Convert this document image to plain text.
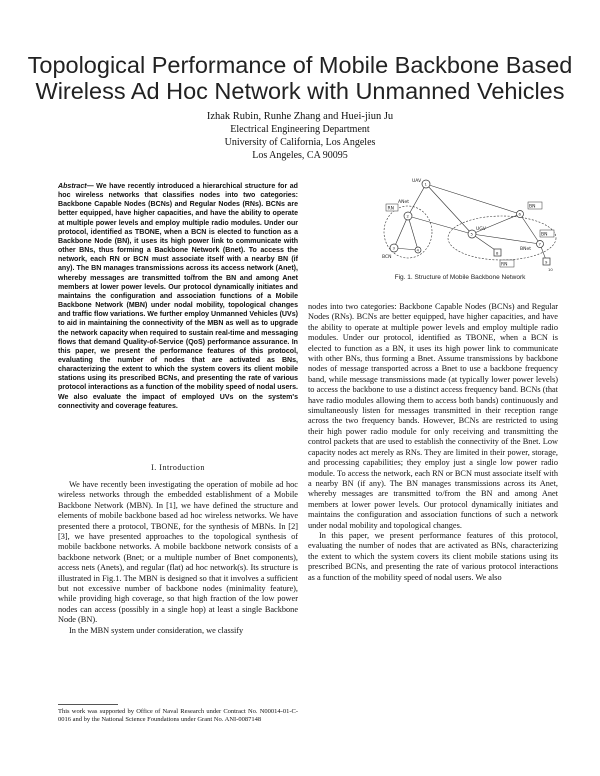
Topological Performance of Mobile Backbone Based
Wireless Ad Hoc Network with Unmanned Vehicles
Izhak Rubin, Runhe Zhang and Huei-jiun Ju
Electrical Engineering Department
University of California, Los Angeles
Los Angeles, CA 90095
Abstract— We have recently introduced a hierarchical structure for ad hoc wireless networks that classifies nodes into two categories: Backbone Capable Nodes (BCNs) and Regular Nodes (RNs). BCNs are better equipped, have higher capacities, and have the ability to operate at multiple power levels and employ multiple radio modules. Under our protocol, identified as TBONE, when a BCN is elected to function as a Backbone Node (BN), it uses its high power link to communicate with other BNs, thus forming a Backbone Network (Bnet). To access the network, each RN or BCN must associate itself with a nearby BN (if any). The BN manages transmissions across its access network (Anet), whereby messages are transmitted to/from the BN and among Anet members at lower power levels. Our protocol dynamically initiates and maintains the configuration and association functions of a Mobile Backbone Network (MBN) under nodal mobility, topological changes and traffic flow variations. We further employ Unmanned Vehicles (UVs) to aid in maintaining the connectivity of the MBN as well as to upgrade the network capacity when required to sustain real-time and messaging flows that demand Quality-of-Service (QoS) performance assurance. In this paper, we present the performance features of this protocol, evaluating the number of nodes that are activated as BNs, characterizing the extent to which the system covers its client mobile stations using its prescribed BCNs, and presenting the rate of various protocol interactions as a function of the mobility speed of nodal users. We also evaluate the impact of employed UVs on the system's connectivity and coverage features.
I. Introduction

We have recently been investigating the operation of mobile ad hoc wireless networks through the embedded establishment of a Mobile Backbone Network (MBN). In [1], we have defined the structure and elements of mobile backbone based ad hoc wireless networks. We have presented there a protocol, TBONE, for the synthesis of MBNs. In [2][3], we have presented approaches to the topological synthesis of mobile backbone networks. A mobile backbone network consists of a backbone network (Bnet; or a multiple number of Bnet components), access nets (Anets), and regular (flat) ad hoc network(s). Its structure is illustrated in Fig.1. The MBN is designed so that it involves a sufficient but not excessive number of backbone nodes (minimality feature), while providing high coverage, so that high fraction of the low power nodes can access (possibly in a single hop) at least a single Backbone Node (BN).

In the MBN system under consideration, we classify

This work was supported by Office of Naval Research under Contract No. N00014-01-C-0016 and by the National Science Foundations under Grant No. ANI-0087148
UAV
ANet
RN	BN
BN
UGV
BCN
BNet
RN
1
2
3	4
5
6
7
8
9
10
Fig. 1. Structure of Mobile Backbone Network

nodes into two categories: Backbone Capable Nodes (BCNs) and Regular Nodes (RNs). BCNs are better equipped, have higher capacities, and have the ability to operate at multiple power levels and employ multiple radio modules. Under our protocol, identified as TBONE, when a BCN is elected to function as a BN, it uses its high power link to communicate with other BNs, thus forming a Bnet. Assume transmissions by backbone nodes of message transported across a Bnet to use a backbone frequency band, while message transmissions made (at typically lower power levels) to access the backbone to use a distinct access frequency band. BCNs (that have radio modules allowing them to access both bands) continuously and simultaneously listen for messages transmitted in their reception range across the two frequency bands. However, BCNs are restricted to using their high power radio module for only receiving and transmitting the control packets that are used to establish the connectivity of the Bnet. Low capacity nodes act merely as RNs. They are limited in their power, storage, and processing capabilities; they employ just a single low power radio module. To access the network, each RN or BCN must associate itself with a nearby BN (if any). The BN manages transmissions across its Anet, whereby messages are transmitted to/from the BN and among Anet members at lower power levels. Our protocol dynamically initiates and maintains the configuration and association functions of such a network under nodal mobility and topological changes.

In this paper, we present performance features of this protocol, evaluating the number of nodes that are activated as BNs, characterizing the extent to which the system covers its client mobile stations using its prescribed BCNs, and presenting the rate of various protocol interactions as a function of the mobility speed of nodal users. We also
